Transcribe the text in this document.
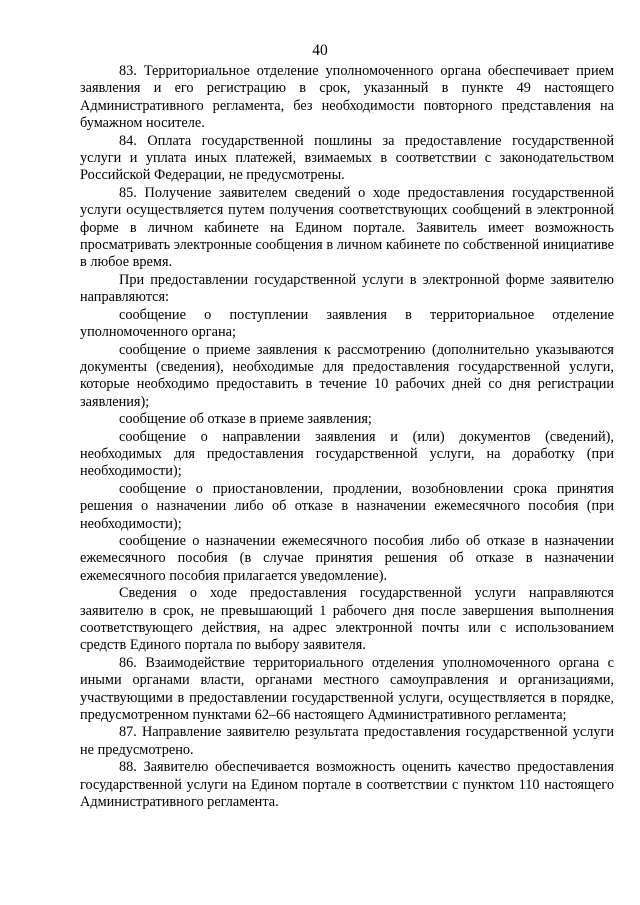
40

83. Территориальное отделение уполномоченного органа обеспечивает прием заявления и его регистрацию в срок, указанный в пункте 49 настоящего Административного регламента, без необходимости повторного представления на бумажном носителе.

84. Оплата государственной пошлины за предоставление государственной услуги и уплата иных платежей, взимаемых в соответствии с законодательством Российской Федерации, не предусмотрены.

85. Получение заявителем сведений о ходе предоставления государственной услуги осуществляется путем получения соответствующих сообщений в электронной форме в личном кабинете на Едином портале. Заявитель имеет возможность просматривать электронные сообщения в личном кабинете по собственной инициативе в любое время.

При предоставлении государственной услуги в электронной форме заявителю направляются:

сообщение о поступлении заявления в территориальное отделение уполномоченного органа;

сообщение о приеме заявления к рассмотрению (дополнительно указываются документы (сведения), необходимые для предоставления государственной услуги, которые необходимо предоставить в течение 10 рабочих дней со дня регистрации заявления);

сообщение об отказе в приеме заявления;

сообщение о направлении заявления и (или) документов (сведений), необходимых для предоставления государственной услуги, на доработку (при необходимости);

сообщение о приостановлении, продлении, возобновлении срока принятия решения о назначении либо об отказе в назначении ежемесячного пособия (при необходимости);

сообщение о назначении ежемесячного пособия либо об отказе в назначении ежемесячного пособия (в случае принятия решения об отказе в назначении ежемесячного пособия прилагается уведомление).

Сведения о ходе предоставления государственной услуги направляются заявителю в срок, не превышающий 1 рабочего дня после завершения выполнения соответствующего действия, на адрес электронной почты или с использованием средств Единого портала по выбору заявителя.

86. Взаимодействие территориального отделения уполномоченного органа с иными органами власти, органами местного самоуправления и организациями, участвующими в предоставлении государственной услуги, осуществляется в порядке, предусмотренном пунктами 62–66 настоящего Административного регламента;

87. Направление заявителю результата предоставления государственной услуги не предусмотрено.

88. Заявителю обеспечивается возможность оценить качество предоставления государственной услуги на Едином портале в соответствии с пунктом 110 настоящего Административного регламента.
